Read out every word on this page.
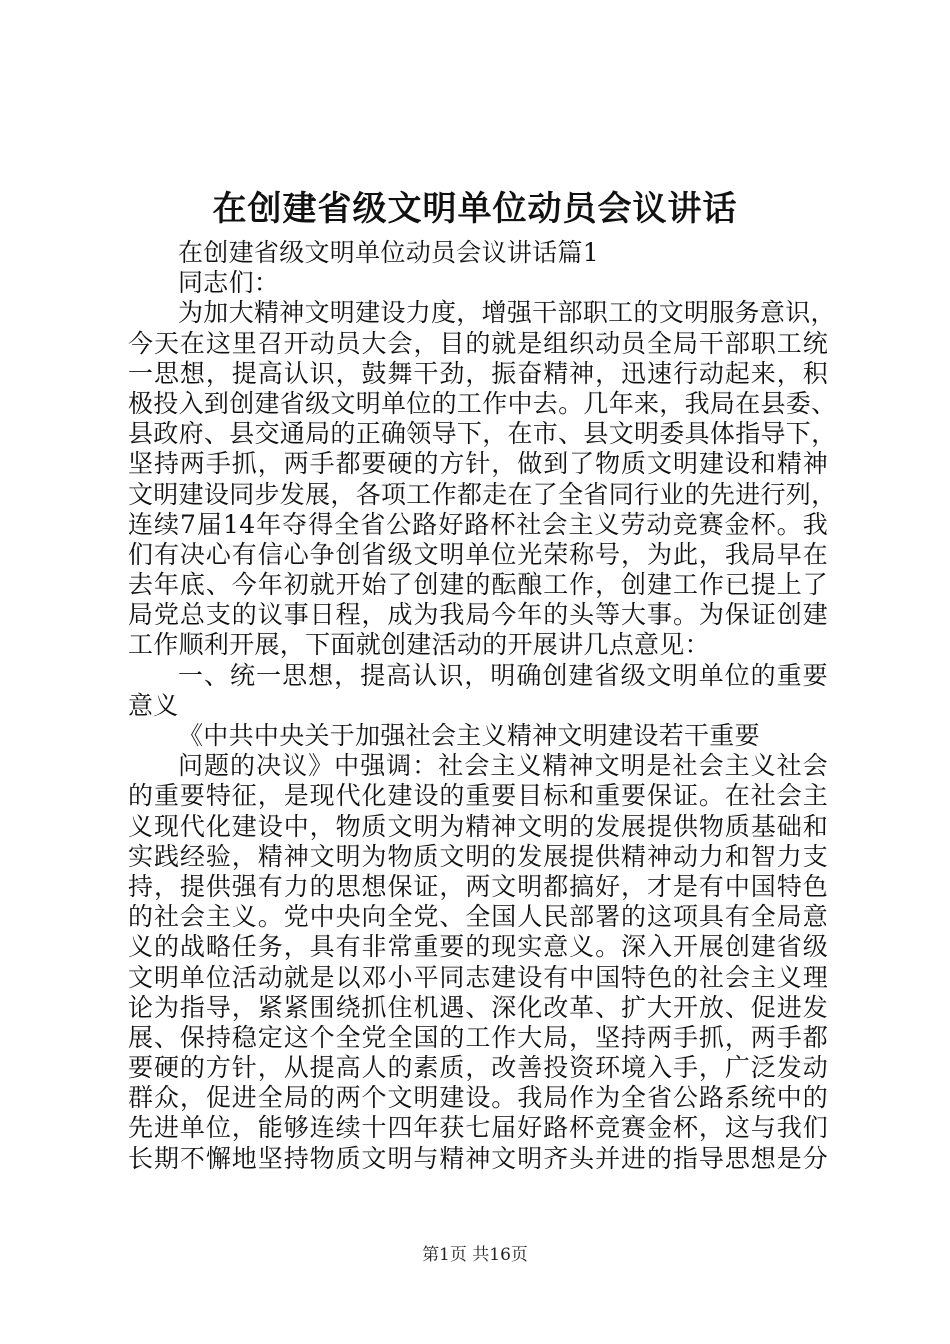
在创建省级文明单位动员会议讲话
在创建省级文明单位动员会议讲话篇1
同志们：
为加大精神文明建设力度，增强干部职工的文明服务意识，
今天在这里召开动员大会，目的就是组织动员全局干部职工统
一思想，提高认识，鼓舞干劲，振奋精神，迅速行动起来，积
极投入到创建省级文明单位的工作中去。几年来，我局在县委、
县政府、县交通局的正确领导下，在市、县文明委具体指导下，
坚持两手抓，两手都要硬的方针，做到了物质文明建设和精神
文明建设同步发展，各项工作都走在了全省同行业的先进行列，
连续7届14年夺得全省公路好路杯社会主义劳动竞赛金杯。我
们有决心有信心争创省级文明单位光荣称号，为此，我局早在
去年底、今年初就开始了创建的酝酿工作，创建工作已提上了
局党总支的议事日程，成为我局今年的头等大事。为保证创建
工作顺利开展，下面就创建活动的开展讲几点意见：
一、统一思想，提高认识，明确创建省级文明单位的重要
意义
《中共中央关于加强社会主义精神文明建设若干重要
问题的决议》中强调：社会主义精神文明是社会主义社会
的重要特征，是现代化建设的重要目标和重要保证。在社会主
义现代化建设中，物质文明为精神文明的发展提供物质基础和
实践经验，精神文明为物质文明的发展提供精神动力和智力支
持，提供强有力的思想保证，两文明都搞好，才是有中国特色
的社会主义。党中央向全党、全国人民部署的这项具有全局意
义的战略任务，具有非常重要的现实意义。深入开展创建省级
文明单位活动就是以邓小平同志建设有中国特色的社会主义理
论为指导，紧紧围绕抓住机遇、深化改革、扩大开放、促进发
展、保持稳定这个全党全国的工作大局，坚持两手抓，两手都
要硬的方针，从提高人的素质，改善投资环境入手，广泛发动
群众，促进全局的两个文明建设。我局作为全省公路系统中的
先进单位，能够连续十四年获七届好路杯竞赛金杯，这与我们
长期不懈地坚持物质文明与精神文明齐头并进的指导思想是分
第1页 共16页
